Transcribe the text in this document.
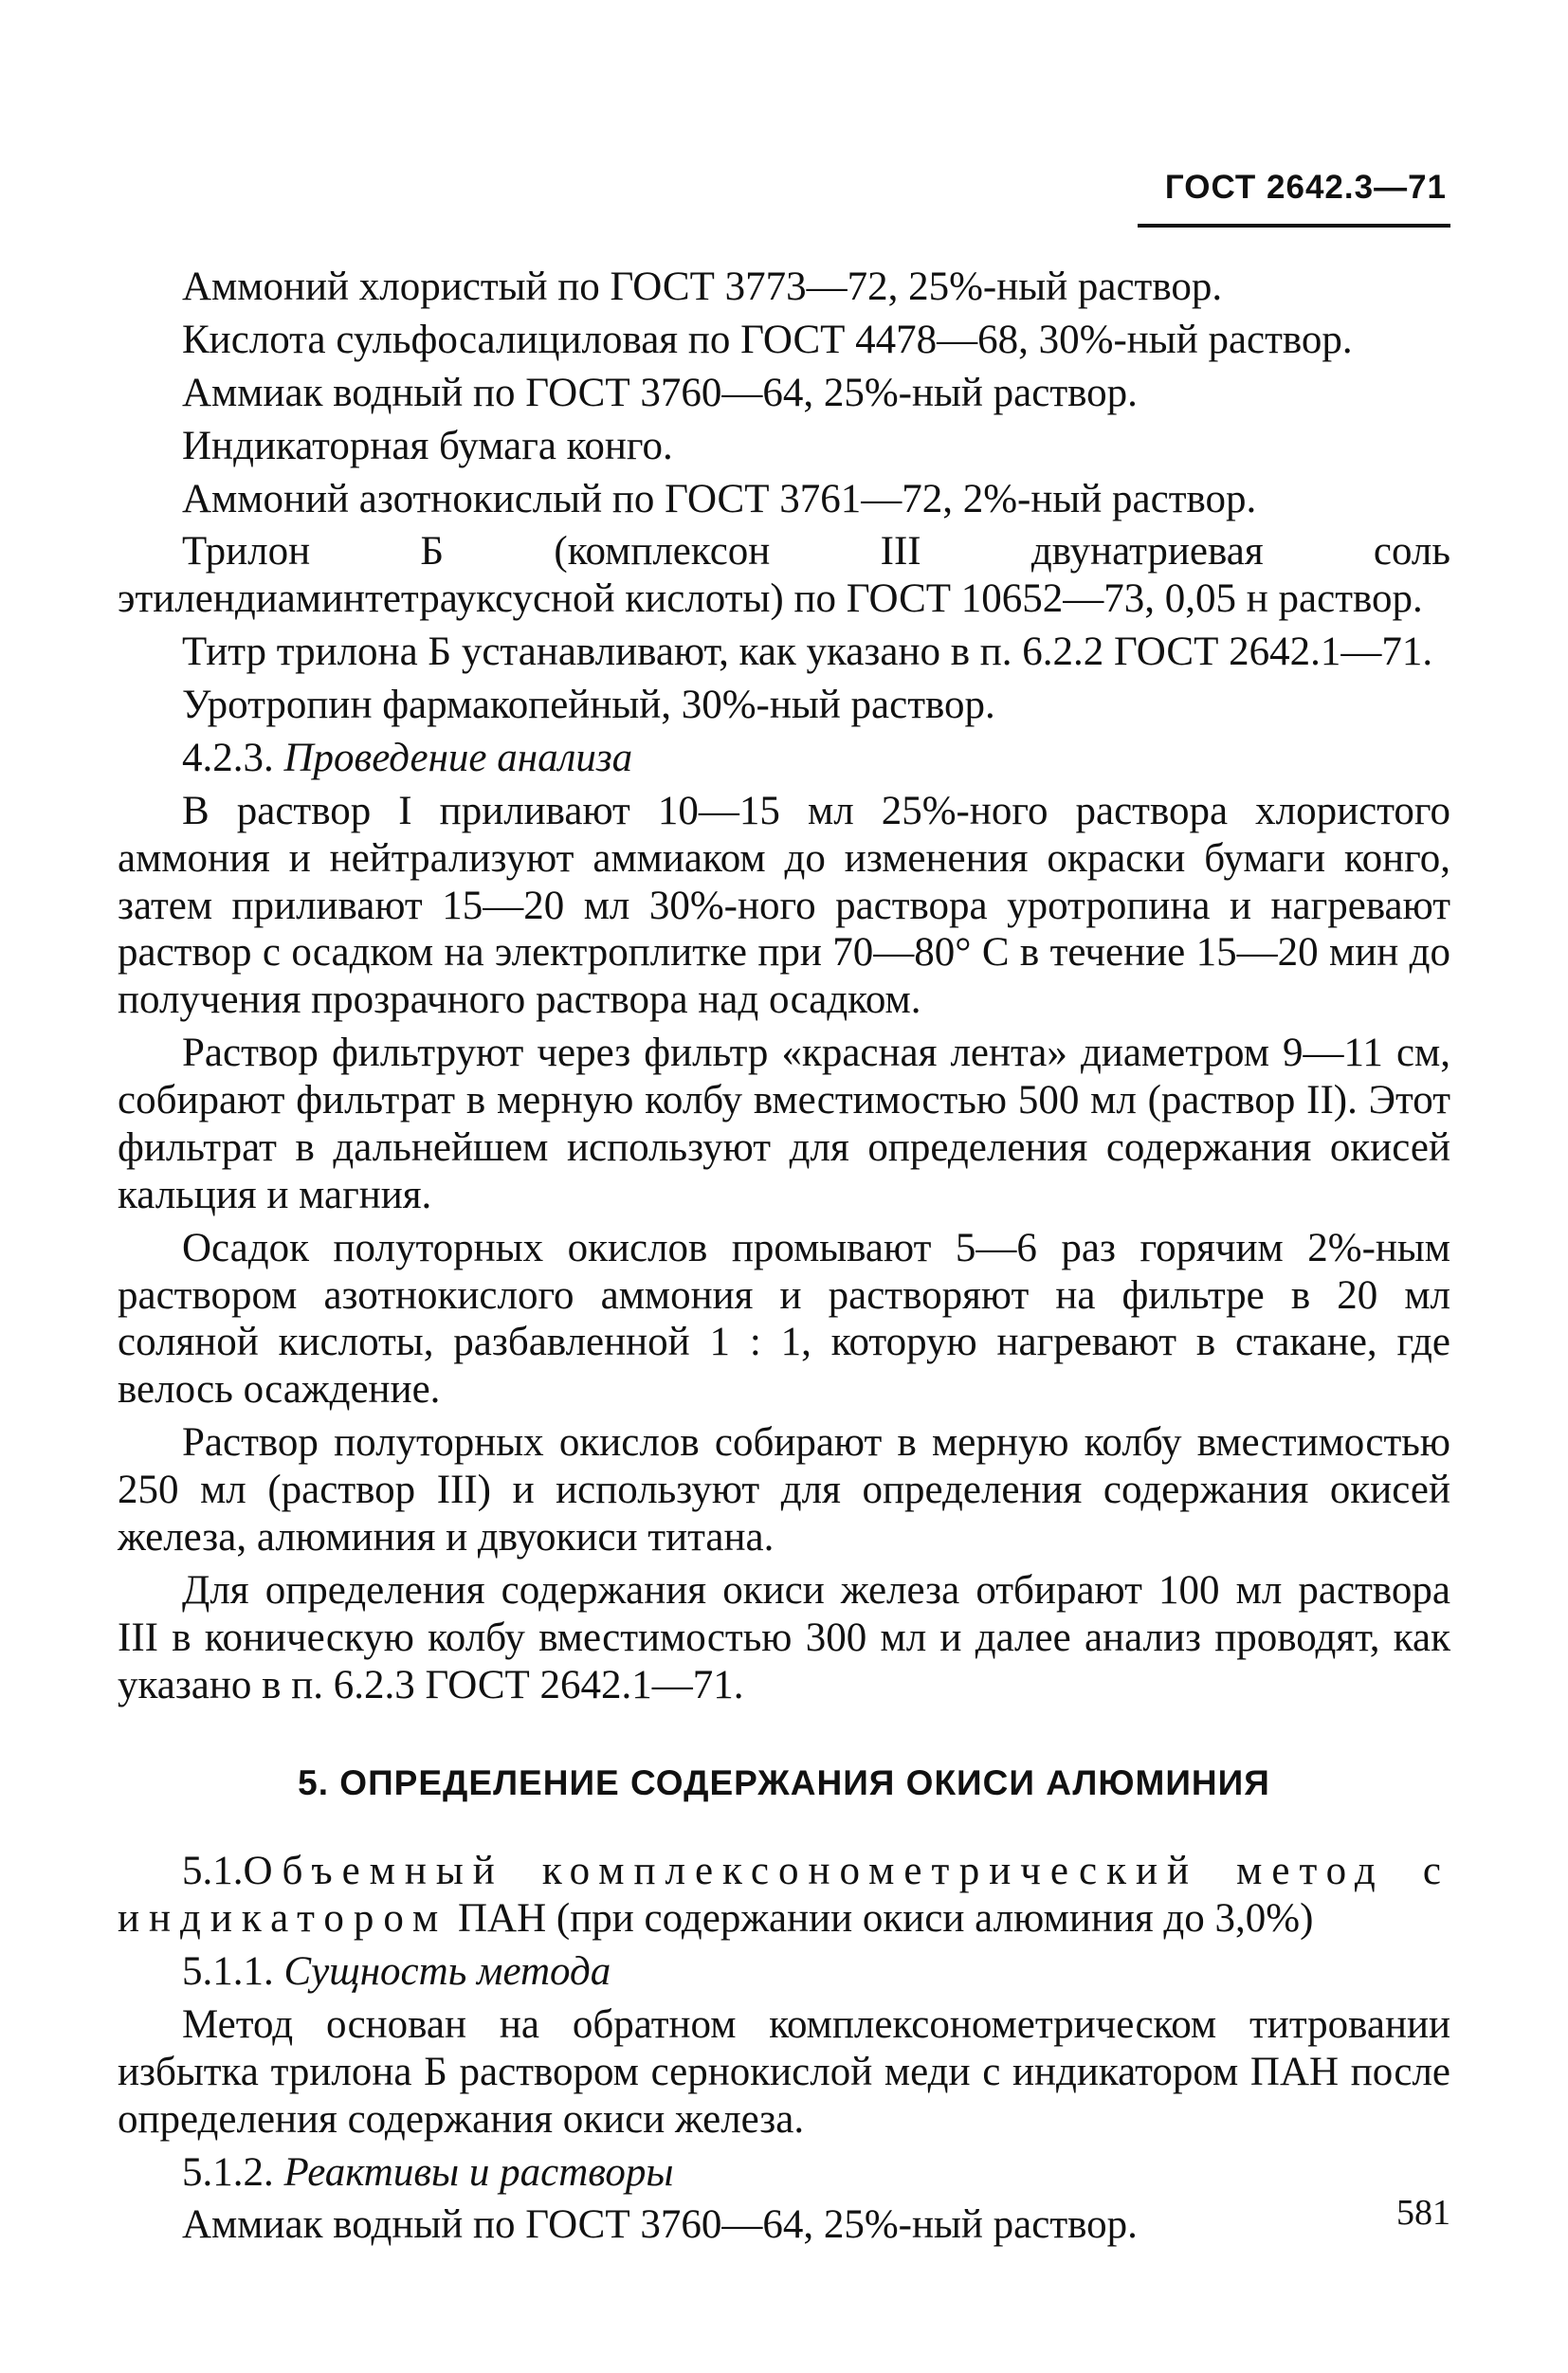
ГОСТ 2642.3—71

Аммоний хлористый по ГОСТ 3773—72, 25%-ный раствор.

Кислота сульфосалициловая по ГОСТ 4478—68, 30%-ный раствор.

Аммиак водный по ГОСТ 3760—64, 25%-ный раствор.

Индикаторная бумага конго.

Аммоний азотнокислый по ГОСТ 3761—72, 2%-ный раствор.

Трилон Б (комплексон III двунатриевая соль этилендиаминтетрауксусной кислоты) по ГОСТ 10652—73, 0,05 н раствор.

Титр трилона Б устанавливают, как указано в п. 6.2.2 ГОСТ 2642.1—71.

Уротропин фармакопейный, 30%-ный раствор.

4.2.3. Проведение анализа

В раствор I приливают 10—15 мл 25%-ного раствора хлористого аммония и нейтрализуют аммиаком до изменения окраски бумаги конго, затем приливают 15—20 мл 30%-ного раствора уротропина и нагревают раствор с осадком на электроплитке при 70—80° С в течение 15—20 мин до получения прозрачного раствора над осадком.

Раствор фильтруют через фильтр «красная лента» диаметром 9—11 см, собирают фильтрат в мерную колбу вместимостью 500 мл (раствор II). Этот фильтрат в дальнейшем используют для определения содержания окисей кальция и магния.

Осадок полуторных окислов промывают 5—6 раз горячим 2%-ным раствором азотнокислого аммония и растворяют на фильтре в 20 мл соляной кислоты, разбавленной 1 : 1, которую нагревают в стакане, где велось осаждение.

Раствор полуторных окислов собирают в мерную колбу вместимостью 250 мл (раствор III) и используют для определения содержания окисей железа, алюминия и двуокиси титана.

Для определения содержания окиси железа отбирают 100 мл раствора III в коническую колбу вместимостью 300 мл и далее анализ проводят, как указано в п. 6.2.3 ГОСТ 2642.1—71.

5. ОПРЕДЕЛЕНИЕ СОДЕРЖАНИЯ ОКИСИ АЛЮМИНИЯ

5.1.Объемный комплексонометрический метод с индикатором ПАН (при содержании окиси алюминия до 3,0%)

5.1.1. Сущность метода

Метод основан на обратном комплексонометрическом титровании избытка трилона Б раствором сернокислой меди с индикатором ПАН после определения содержания окиси железа.

5.1.2. Реактивы и растворы

Аммиак водный по ГОСТ 3760—64, 25%-ный раствор.	581
